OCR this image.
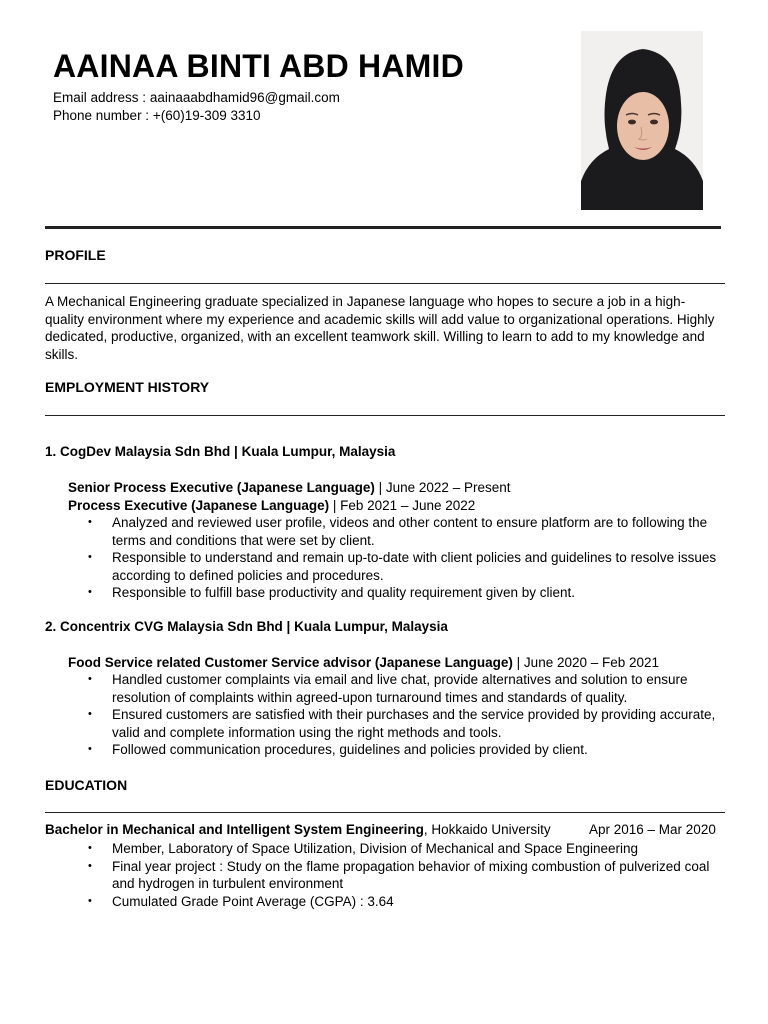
AAINAA BINTI ABD HAMID
Email address : aainaaabdhamid96@gmail.com
Phone number : +(60)19-309 3310
PROFILE

A Mechanical Engineering graduate specialized in Japanese language who hopes to secure a job in a high-quality environment where my experience and academic skills will add value to organizational operations. Highly dedicated, productive, organized, with an excellent teamwork skill. Willing to learn to add to my knowledge and skills.

EMPLOYMENT HISTORY
1. CogDev Malaysia Sdn Bhd | Kuala Lumpur, Malaysia
Senior Process Executive (Japanese Language) | June 2022 – Present
Process Executive (Japanese Language) | Feb 2021 – June 2022
• Analyzed and reviewed user profile, videos and other content to ensure platform are to following the terms and conditions that were set by client.
• Responsible to understand and remain up-to-date with client policies and guidelines to resolve issues according to defined policies and procedures.
• Responsible to fulfill base productivity and quality requirement given by client.
2. Concentrix CVG Malaysia Sdn Bhd | Kuala Lumpur, Malaysia
Food Service related Customer Service advisor (Japanese Language) | June 2020 – Feb 2021
• Handled customer complaints via email and live chat, provide alternatives and solution to ensure resolution of complaints within agreed-upon turnaround times and standards of quality.
• Ensured customers are satisfied with their purchases and the service provided by providing accurate, valid and complete information using the right methods and tools.
• Followed communication procedures, guidelines and policies provided by client.
EDUCATION
Bachelor in Mechanical and Intelligent System Engineering, Hokkaido University	Apr 2016 – Mar 2020
• Member, Laboratory of Space Utilization, Division of Mechanical and Space Engineering
• Final year project : Study on the flame propagation behavior of mixing combustion of pulverized coal and hydrogen in turbulent environment
• Cumulated Grade Point Average (CGPA) : 3.64
